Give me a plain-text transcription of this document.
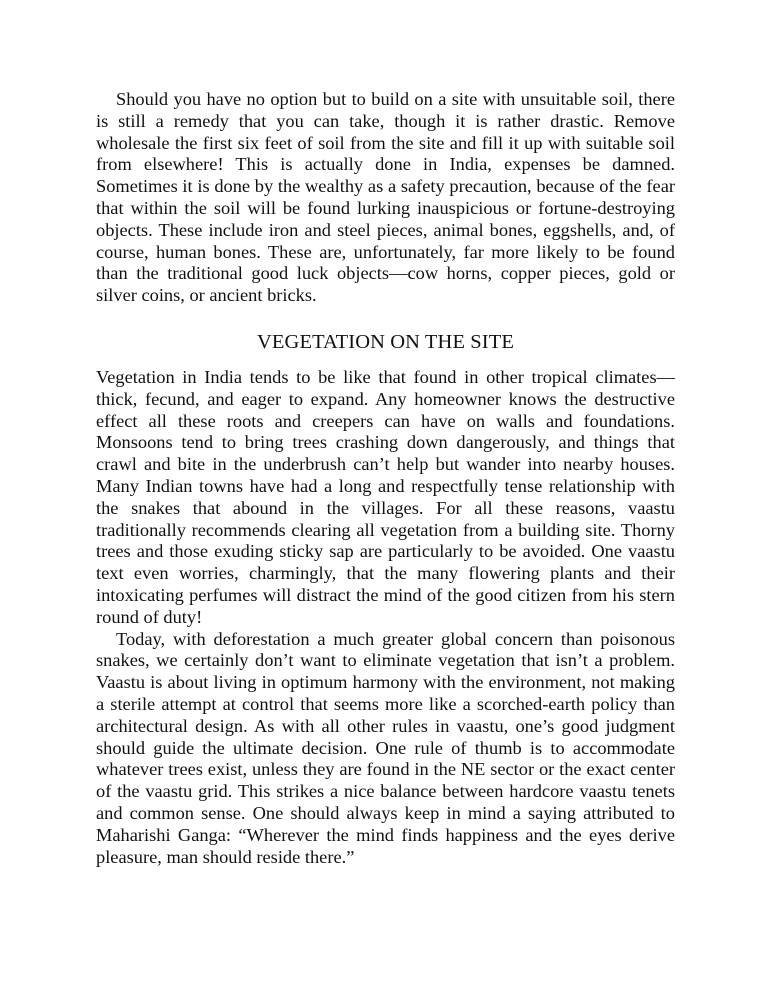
Should you have no option but to build on a site with unsuitable soil, there is still a remedy that you can take, though it is rather drastic. Remove wholesale the first six feet of soil from the site and fill it up with suitable soil from elsewhere! This is actually done in India, expenses be damned. Sometimes it is done by the wealthy as a safety precaution, because of the fear that within the soil will be found lurking inauspicious or fortune-destroying objects. These include iron and steel pieces, animal bones, eggshells, and, of course, human bones. These are, unfortunately, far more likely to be found than the traditional good luck objects—cow horns, copper pieces, gold or silver coins, or ancient bricks.

VEGETATION ON THE SITE

Vegetation in India tends to be like that found in other tropical climates—thick, fecund, and eager to expand. Any homeowner knows the destructive effect all these roots and creepers can have on walls and foundations. Monsoons tend to bring trees crashing down dangerously, and things that crawl and bite in the underbrush can’t help but wander into nearby houses. Many Indian towns have had a long and respectfully tense relationship with the snakes that abound in the villages. For all these reasons, vaastu traditionally recommends clearing all vegetation from a building site. Thorny trees and those exuding sticky sap are particularly to be avoided. One vaastu text even worries, charmingly, that the many flowering plants and their intoxicating perfumes will distract the mind of the good citizen from his stern round of duty!

Today, with deforestation a much greater global concern than poisonous snakes, we certainly don’t want to eliminate vegetation that isn’t a problem. Vaastu is about living in optimum harmony with the environment, not making a sterile attempt at control that seems more like a scorched-earth policy than architectural design. As with all other rules in vaastu, one’s good judgment should guide the ultimate decision. One rule of thumb is to accommodate whatever trees exist, unless they are found in the NE sector or the exact center of the vaastu grid. This strikes a nice balance between hardcore vaastu tenets and common sense. One should always keep in mind a saying attributed to Maharishi Ganga: “Wherever the mind finds happiness and the eyes derive pleasure, man should reside there.”
